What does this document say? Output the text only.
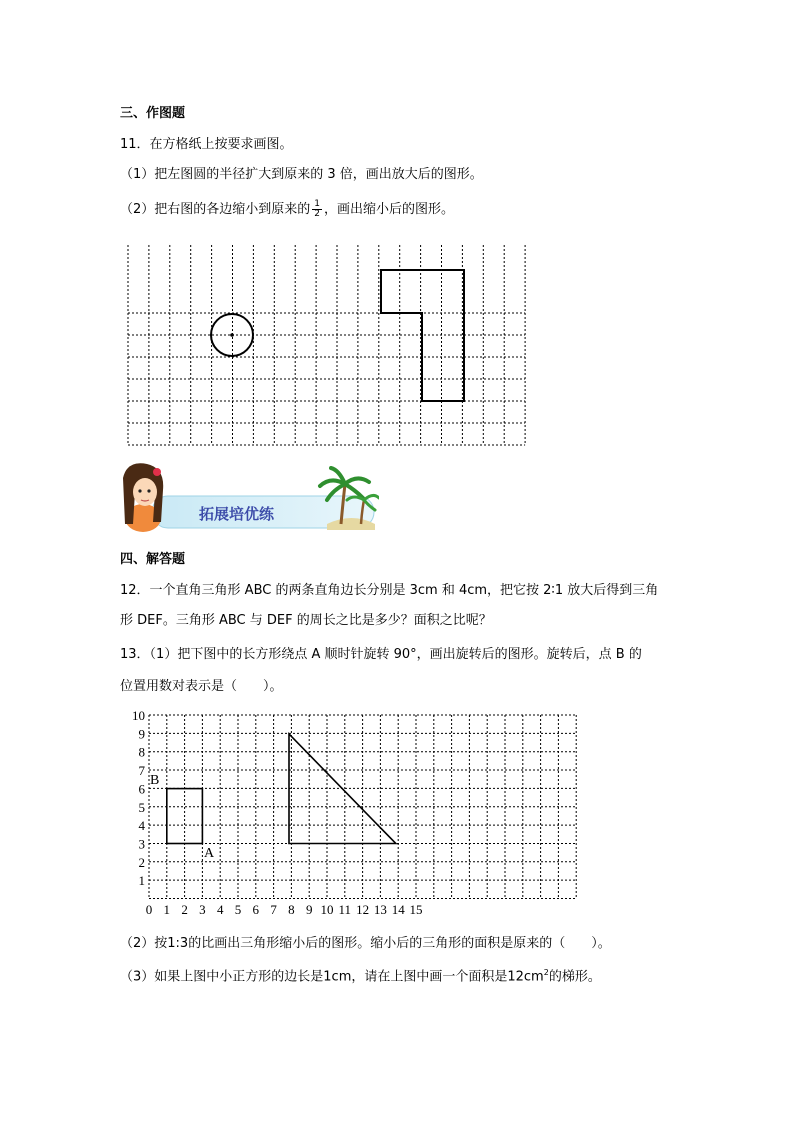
三、作图题
11．在方格纸上按要求画图。
（1）把左图圆的半径扩大到原来的 3 倍，画出放大后的图形。
（2）把右图的各边缩小到原来的 $\frac{1}{2}$ ，画出缩小后的图形。
拓展培优练
四、解答题
12．一个直角三角形 ABC 的两条直角边长分别是 3cm 和 4cm，把它按 2∶1 放大后得到三角
形 DEF。三角形 ABC 与 DEF 的周长之比是多少？面积之比呢？
13．（1）把下图中的长方形绕点 A 顺时针旋转 90°，画出旋转后的图形。旋转后，点 B 的
位置用数对表示是（　　）。
0 1 2 3 4 5 6 7 8 9 10 11 12 13 14 15
1
2
3
4
5
6
7
8
9
10
B
A
（2）按1:3的比画出三角形缩小后的图形。缩小后的三角形的面积是原来的（　　）。
（3）如果上图中小正方形的边长是1cm，请在上图中画一个面积是$12cm^2$的梯形。
